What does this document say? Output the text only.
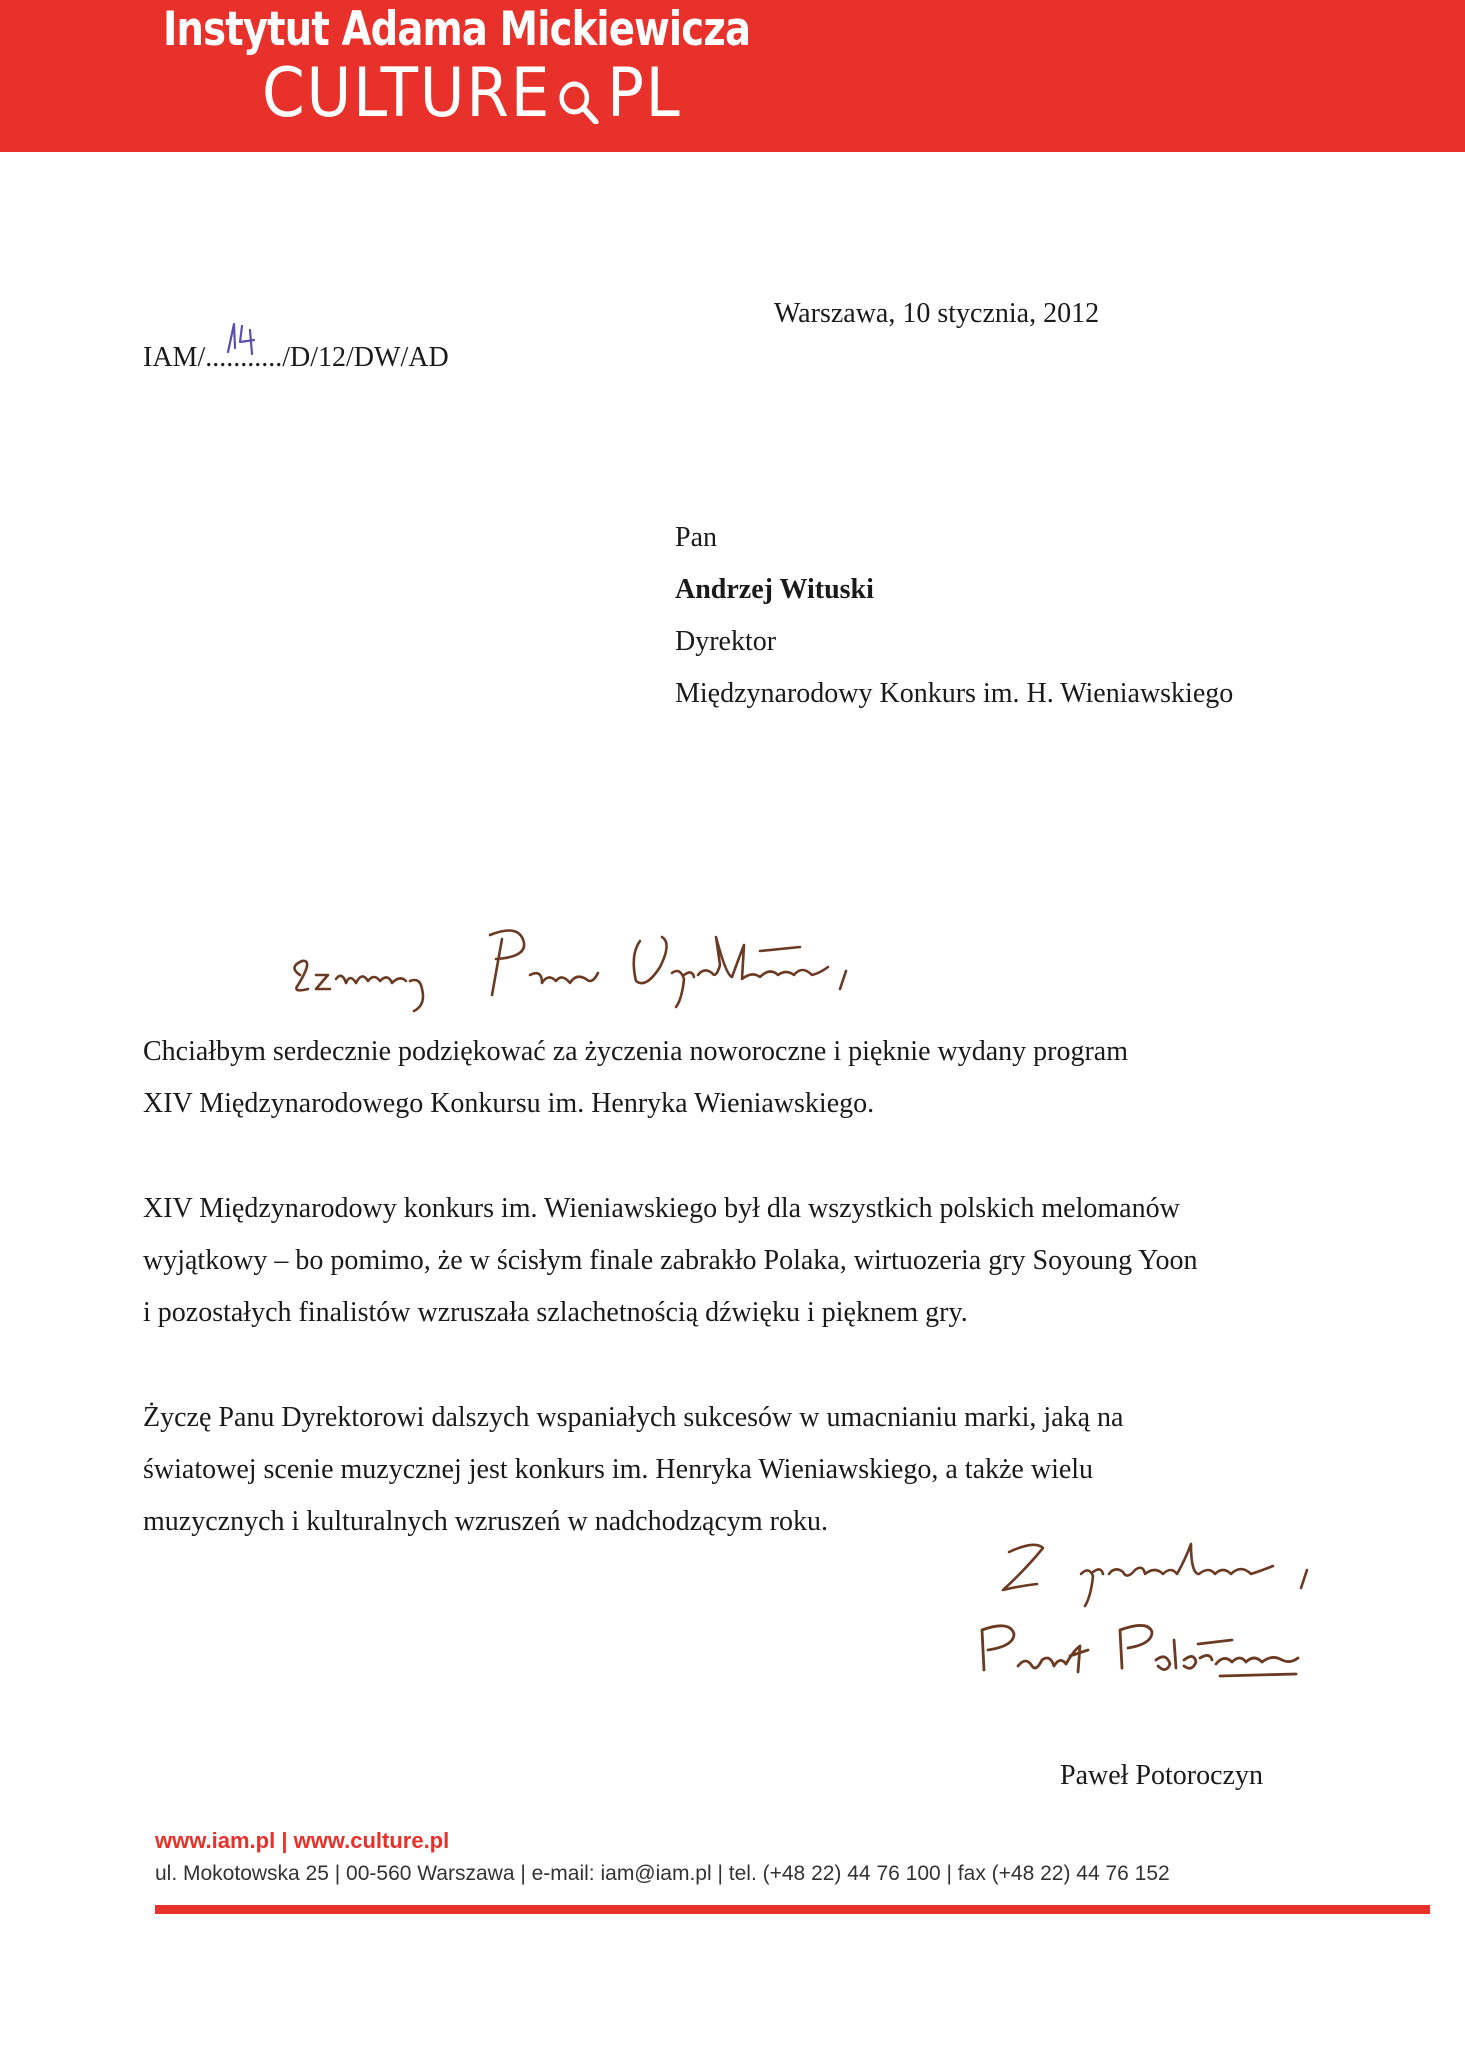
Instytut Adama Mickiewicza
CULTURE PL
IAM/.........../D/12/DW/AD
Warszawa, 10 stycznia, 2012
Pan
Andrzej Wituski
Dyrektor
Międzynarodowy Konkurs im. H. Wieniawskiego
Chciałbym serdecznie podziękować za życzenia noworoczne i pięknie wydany program
XIV Międzynarodowego Konkursu im. Henryka Wieniawskiego.
XIV Międzynarodowy konkurs im. Wieniawskiego był dla wszystkich polskich melomanów
wyjątkowy – bo pomimo, że w ścisłym finale zabrakło Polaka, wirtuozeria gry Soyoung Yoon
i pozostałych finalistów wzruszała szlachetnością dźwięku i pięknem gry.
Życzę Panu Dyrektorowi dalszych wspaniałych sukcesów w umacnianiu marki, jaką na
światowej scenie muzycznej jest konkurs im. Henryka Wieniawskiego, a także wielu
muzycznych i kulturalnych wzruszeń w nadchodzącym roku.
Paweł Potoroczyn
www.iam.pl | www.culture.pl
ul. Mokotowska 25 | 00-560 Warszawa | e-mail: iam@iam.pl | tel. (+48 22) 44 76 100 | fax (+48 22) 44 76 152
